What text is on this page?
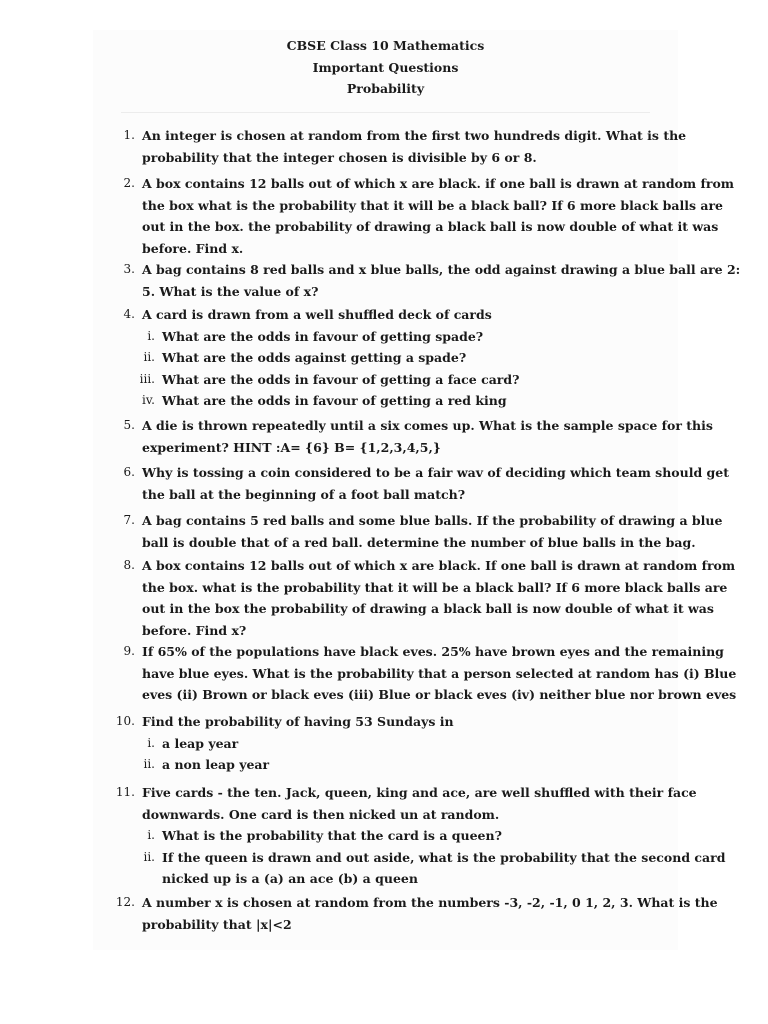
CBSE Class 10 Mathematics
Important Questions
Probability
1. An integer is chosen at random from the first two hundreds digit. What is the
probability that the integer chosen is divisible by 6 or 8.
2. A box contains 12 balls out of which x are black. if one ball is drawn at random from
the box what is the probability that it will be a black ball? If 6 more black balls are
out in the box. the probability of drawing a black ball is now double of what it was
before. Find x.
3. A bag contains 8 red balls and x blue balls, the odd against drawing a blue ball are 2:
5. What is the value of x?
4. A card is drawn from a well shuffled deck of cards
i. What are the odds in favour of getting spade?
ii. What are the odds against getting a spade?
iii. What are the odds in favour of getting a face card?
iv. What are the odds in favour of getting a red king
5. A die is thrown repeatedly until a six comes up. What is the sample space for this
experiment? HINT :A= {6} B= {1,2,3,4,5,}
6. Why is tossing a coin considered to be a fair wav of deciding which team should get
the ball at the beginning of a foot ball match?
7. A bag contains 5 red balls and some blue balls. If the probability of drawing a blue
ball is double that of a red ball. determine the number of blue balls in the bag.
8. A box contains 12 balls out of which x are black. If one ball is drawn at random from
the box. what is the probability that it will be a black ball? If 6 more black balls are
out in the box the probability of drawing a black ball is now double of what it was
before. Find x?
9. If 65% of the populations have black eves. 25% have brown eyes and the remaining
have blue eyes. What is the probability that a person selected at random has (i) Blue
eves (ii) Brown or black eves (iii) Blue or black eves (iv) neither blue nor brown eves
10. Find the probability of having 53 Sundays in
i. a leap year
ii. a non leap year
11. Five cards - the ten. Jack, queen, king and ace, are well shuffled with their face
downwards. One card is then nicked un at random.
i. What is the probability that the card is a queen?
ii. If the queen is drawn and out aside, what is the probability that the second card
nicked up is a (a) an ace (b) a queen
12. A number x is chosen at random from the numbers -3, -2, -1, 0 1, 2, 3. What is the
probability that |x|<2
